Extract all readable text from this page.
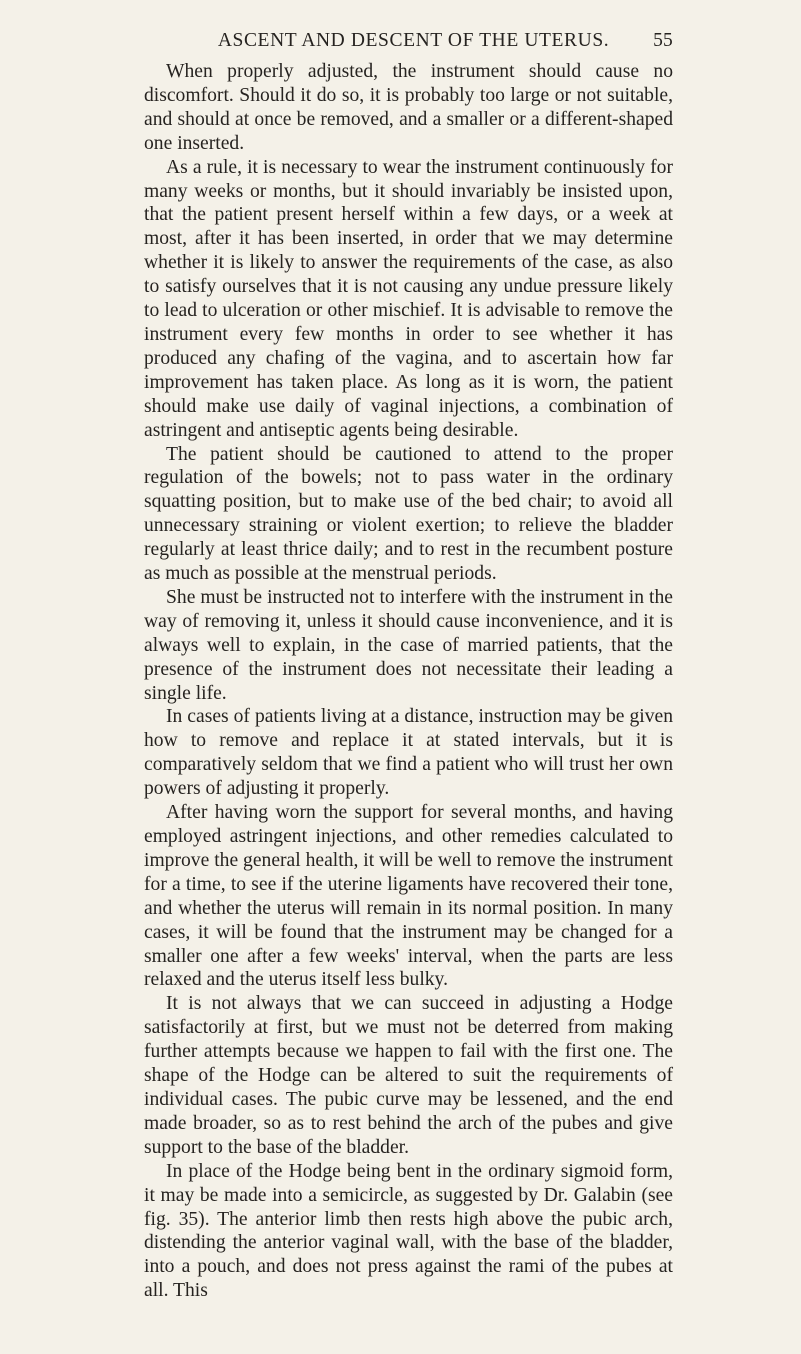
ASCENT AND DESCENT OF THE UTERUS.	55

When properly adjusted, the instrument should cause no discomfort. Should it do so, it is probably too large or not suitable, and should at once be removed, and a smaller or a different-shaped one inserted.

As a rule, it is necessary to wear the instrument continuously for many weeks or months, but it should invariably be insisted upon, that the patient present herself within a few days, or a week at most, after it has been inserted, in order that we may determine whether it is likely to answer the requirements of the case, as also to satisfy ourselves that it is not causing any undue pressure likely to lead to ulceration or other mischief. It is advisable to remove the instrument every few months in order to see whether it has produced any chafing of the vagina, and to ascertain how far improvement has taken place. As long as it is worn, the patient should make use daily of vaginal injections, a combination of astringent and antiseptic agents being desirable.

The patient should be cautioned to attend to the proper regulation of the bowels; not to pass water in the ordinary squatting position, but to make use of the bed chair; to avoid all unnecessary straining or violent exertion; to relieve the bladder regularly at least thrice daily; and to rest in the recumbent posture as much as possible at the menstrual periods.

She must be instructed not to interfere with the instrument in the way of removing it, unless it should cause inconvenience, and it is always well to explain, in the case of married patients, that the presence of the instrument does not necessitate their leading a single life.

In cases of patients living at a distance, instruction may be given how to remove and replace it at stated intervals, but it is comparatively seldom that we find a patient who will trust her own powers of adjusting it properly.

After having worn the support for several months, and having employed astringent injections, and other remedies calculated to improve the general health, it will be well to remove the instrument for a time, to see if the uterine ligaments have recovered their tone, and whether the uterus will remain in its normal position. In many cases, it will be found that the instrument may be changed for a smaller one after a few weeks' interval, when the parts are less relaxed and the uterus itself less bulky.

It is not always that we can succeed in adjusting a Hodge satisfactorily at first, but we must not be deterred from making further attempts because we happen to fail with the first one. The shape of the Hodge can be altered to suit the requirements of individual cases. The pubic curve may be lessened, and the end made broader, so as to rest behind the arch of the pubes and give support to the base of the bladder.

In place of the Hodge being bent in the ordinary sigmoid form, it may be made into a semicircle, as suggested by Dr. Galabin (see fig. 35). The anterior limb then rests high above the pubic arch, distending the anterior vaginal wall, with the base of the bladder, into a pouch, and does not press against the rami of the pubes at all. This
